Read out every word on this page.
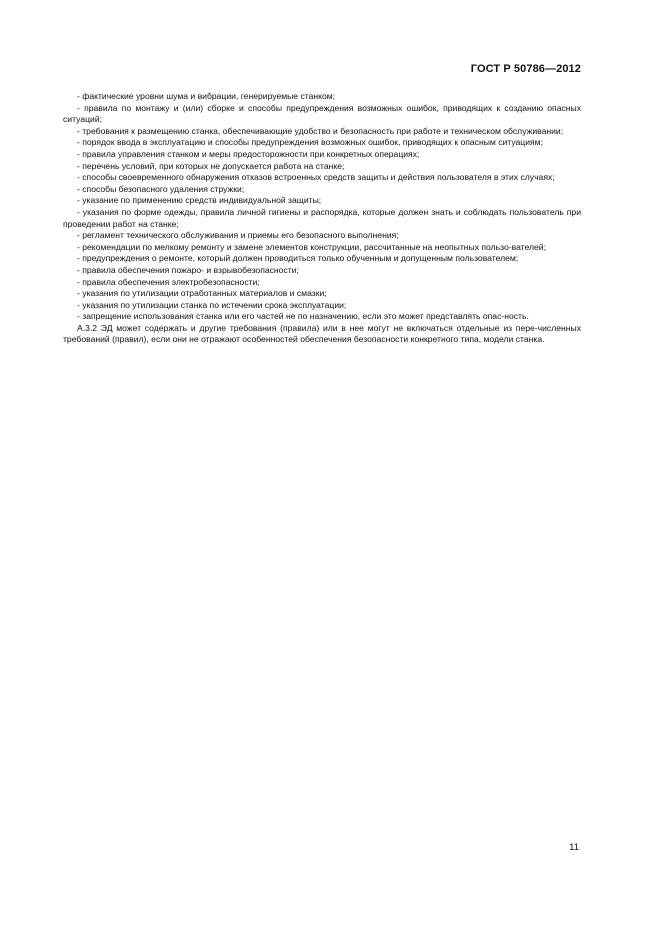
ГОСТ Р 50786—2012

- фактические уровни шума и вибрации, генерируемые станком;

- правила по монтажу и (или) сборке и способы предупреждения возможных ошибок, приводящих к созданию опасных ситуаций;

- требования к размещению станка, обеспечивающие удобство и безопасность при работе и техническом обслуживании;

- порядок ввода в эксплуатацию и способы предупреждения возможных ошибок, приводящих к опасным ситуациям;

- правила управления станком и меры предосторожности при конкретных операциях;

- перечень условий, при которых не допускается работа на станке;

- способы своевременного обнаружения отказов встроенных средств защиты и действия пользователя в этих случаях;

- способы безопасного удаления стружки;

- указание по применению средств индивидуальной защиты;

- указания по форме одежды, правила личной гигиены и распорядка, которые должен знать и соблюдать пользователь при проведении работ на станке;

- регламент технического обслуживания и приемы его безопасного выполнения;

- рекомендации по мелкому ремонту и замене элементов конструкции, рассчитанные на неопытных пользо-вателей;

- предупреждения о ремонте, который должен проводиться только обученным и допущенным пользователем;

- правила обеспечения пожаро- и взрывобезопасности;

- правила обеспечения электробезопасности;

- указания по утилизации отработанных материалов и смазки;

- указания по утилизации станка по истечении срока эксплуатации;

- запрещение использования станка или его частей не по назначению, если это может представлять опас-ность.

А.3.2 ЭД может содержать и другие требования (правила) или в нее могут не включаться отдельные из пере-численных требований (правил), если они не отражают особенностей обеспечения безопасности конкретного типа, модели станка.

11
